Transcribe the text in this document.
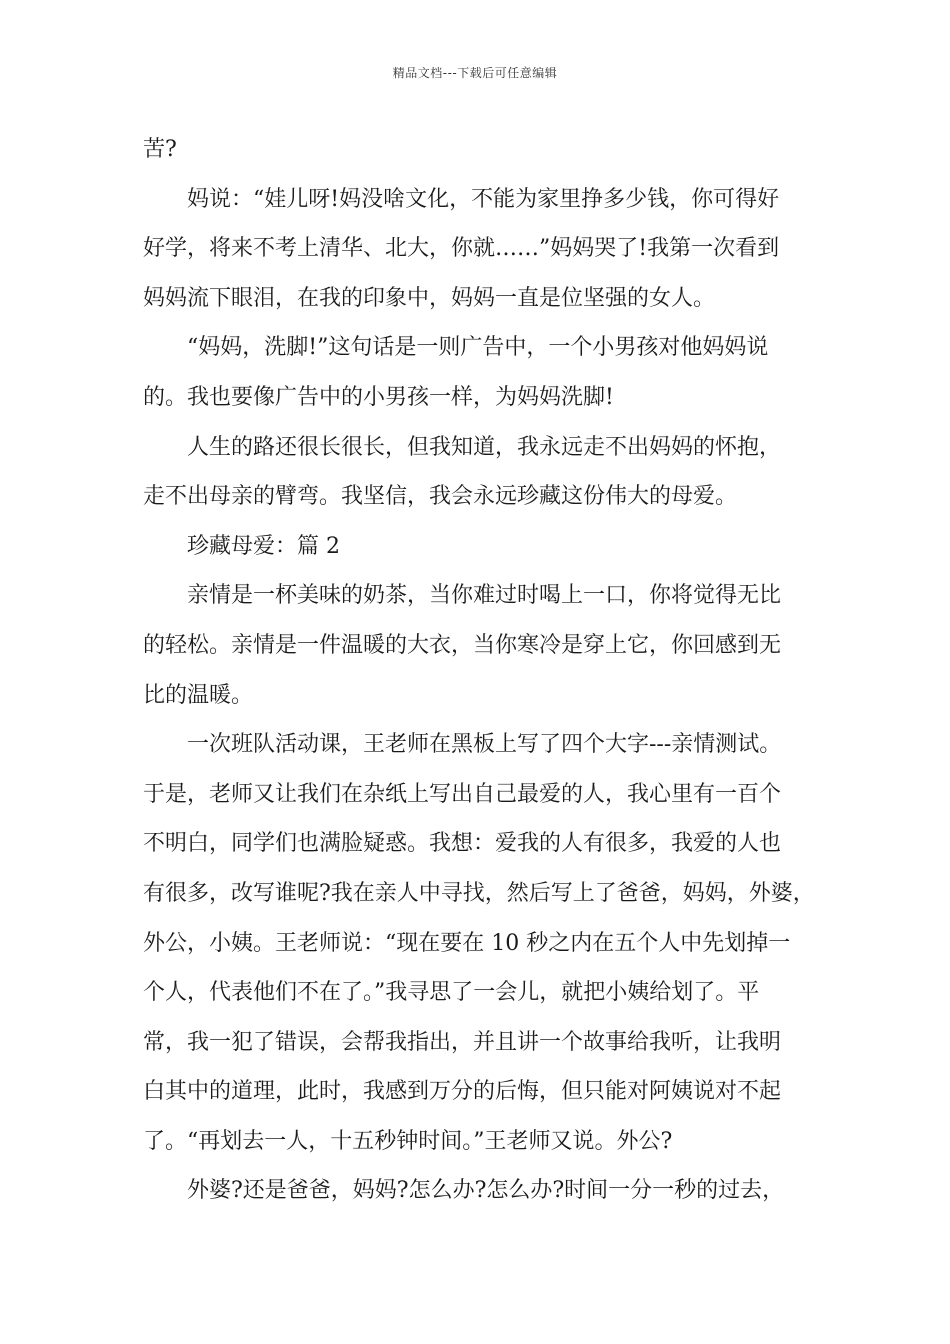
精品文档---下载后可任意编辑

苦?

妈说：“娃儿呀!妈没啥文化，不能为家里挣多少钱，你可得好
好学，将来不考上清华、北大，你就……”妈妈哭了!我第一次看到
妈妈流下眼泪，在我的印象中，妈妈一直是位坚强的女人。

“妈妈，洗脚!”这句话是一则广告中，一个小男孩对他妈妈说
的。我也要像广告中的小男孩一样，为妈妈洗脚!

人生的路还很长很长，但我知道，我永远走不出妈妈的怀抱，
走不出母亲的臂弯。我坚信，我会永远珍藏这份伟大的母爱。

珍藏母爱：篇 2

亲情是一杯美味的奶茶，当你难过时喝上一口，你将觉得无比
的轻松。亲情是一件温暖的大衣，当你寒冷是穿上它，你回感到无
比的温暖。

一次班队活动课，王老师在黑板上写了四个大字---亲情测试。
于是，老师又让我们在杂纸上写出自己最爱的人，我心里有一百个
不明白，同学们也满脸疑惑。我想：爱我的人有很多，我爱的人也
有很多，改写谁呢?我在亲人中寻找，然后写上了爸爸，妈妈，外婆，
外公，小姨。王老师说：“现在要在 10 秒之内在五个人中先划掉一
个人，代表他们不在了。”我寻思了一会儿，就把小姨给划了。平
常，我一犯了错误，会帮我指出，并且讲一个故事给我听，让我明
白其中的道理，此时，我感到万分的后悔，但只能对阿姨说对不起
了。“再划去一人，十五秒钟时间。”王老师又说。外公?

外婆?还是爸爸，妈妈?怎么办?怎么办?时间一分一秒的过去，
